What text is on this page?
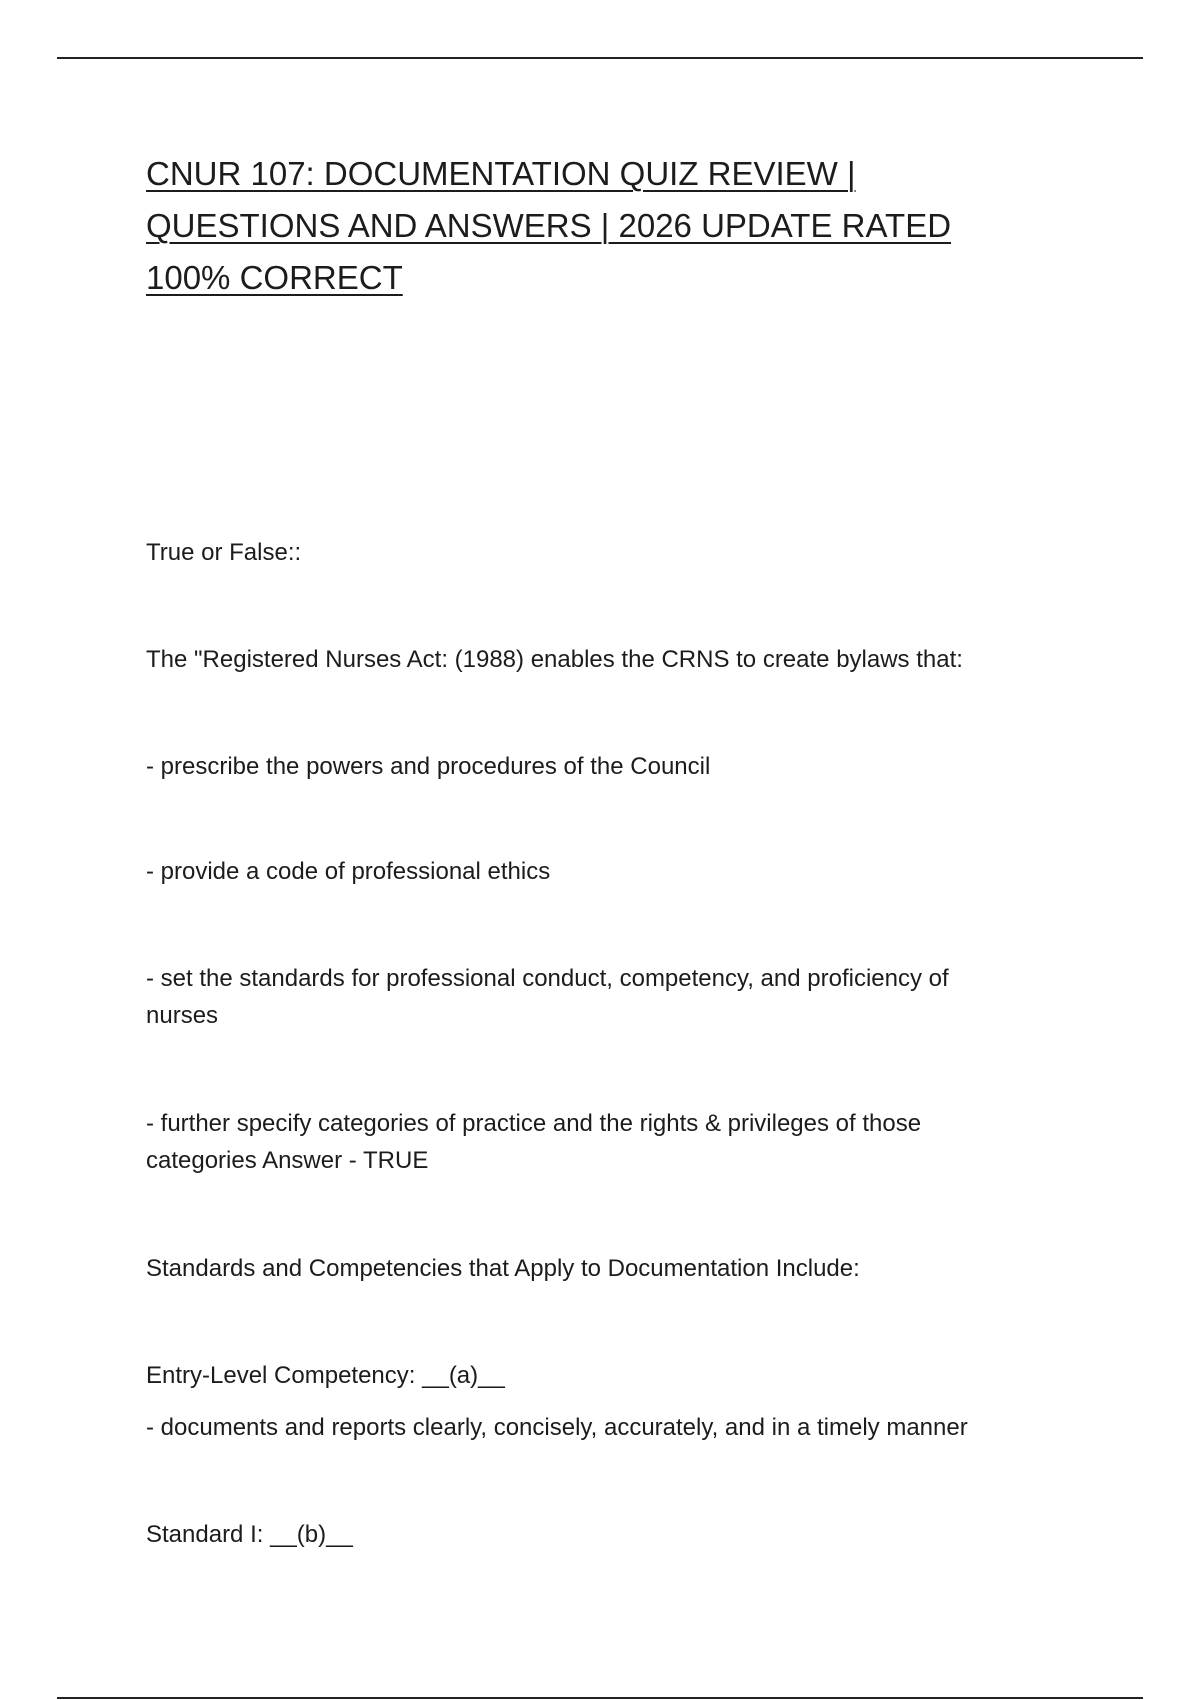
CNUR 107: DOCUMENTATION QUIZ REVIEW | QUESTIONS AND ANSWERS | 2026 UPDATE RATED 100% CORRECT

True or False::

The "Registered Nurses Act: (1988) enables the CRNS to create bylaws that:

- prescribe the powers and procedures of the Council

- provide a code of professional ethics

- set the standards for professional conduct, competency, and proficiency of nurses

- further specify categories of practice and the rights & privileges of those categories Answer - TRUE

Standards and Competencies that Apply to Documentation Include:

Entry-Level Competency: __(a)__

- documents and reports clearly, concisely, accurately, and in a timely manner

Standard I: __(b)__
